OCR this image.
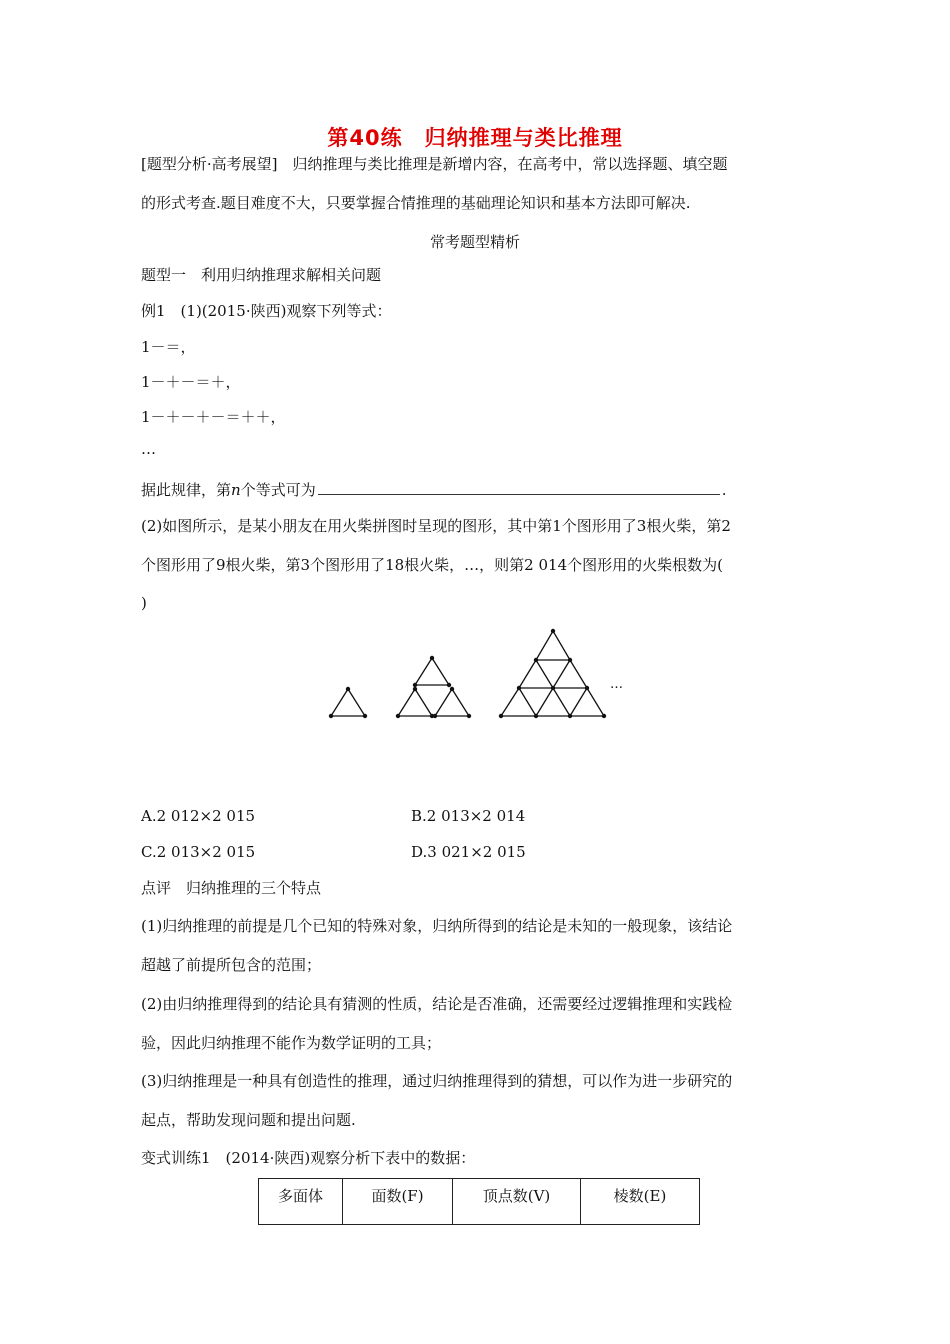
第40练　归纳推理与类比推理
[题型分析·高考展望]　归纳推理与类比推理是新增内容，在高考中，常以选择题、填空题
的形式考查.题目难度不大，只要掌握合情推理的基础理论知识和基本方法即可解决.
常考题型精析
题型一　利用归纳推理求解相关问题
例1　(1)(2015·陕西)观察下列等式：
1－＝，
1－＋－＝＋，
1－＋－＋－＝＋＋，
…
据此规律，第n个等式可为	.
(2)如图所示，是某小朋友在用火柴拼图时呈现的图形，其中第1个图形用了3根火柴，第2
个图形用了9根火柴，第3个图形用了18根火柴，…，则第2 014个图形用的火柴根数为(
)
…
A.2 012×2 015	B.2 013×2 014
C.2 013×2 015	D.3 021×2 015
点评　归纳推理的三个特点
(1)归纳推理的前提是几个已知的特殊对象，归纳所得到的结论是未知的一般现象，该结论
超越了前提所包含的范围；
(2)由归纳推理得到的结论具有猜测的性质，结论是否准确，还需要经过逻辑推理和实践检
验，因此归纳推理不能作为数学证明的工具；
(3)归纳推理是一种具有创造性的推理，通过归纳推理得到的猜想，可以作为进一步研究的
起点，帮助发现问题和提出问题.
变式训练1　(2014·陕西)观察分析下表中的数据：
多面体	面数(F)	顶点数(V)	棱数(E)
